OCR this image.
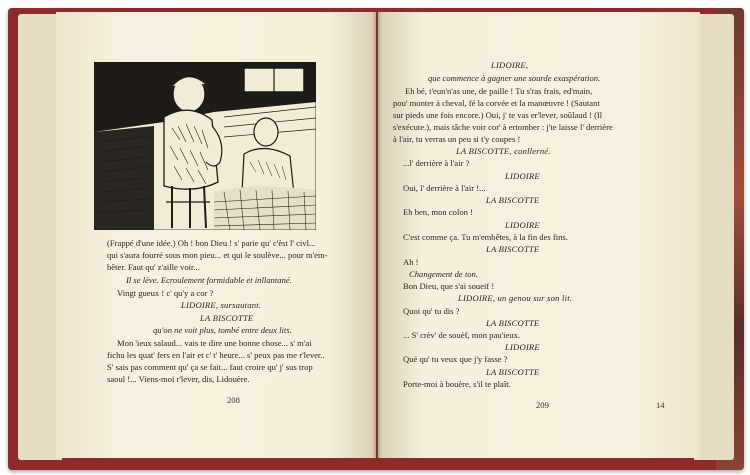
(Frappé d'une idée.) Oh ! bon Dieu ! s' parie qu' c'èst l' civl...
qui s'aura fourré sous mon pieu... et qui le soulève... pour m'em-
bêter. Faut qu' z'aille voir...
Il se lève. Ecroulement formidable et inllantané.
Vingt gueux ! c' qu'y a cor ?
LIDOIRE, sursautant.
LA BISCOTTE
qu'on ne voit plus, tombé entre deux lits.
Mon 'ieux salaud... vais te dire une bonne chose... s' m'ai
fichu les quat' fers en l'air et c' t' heure... s' peux pas me r'lever..
S' sais pas comment qu' ça se fait... faut croire qu' j' sus trop
saoul !... Viens-moi r'lever, dis, Lidouère.
208
LIDOIRE,
que commence à gagner une sourde exaspération.
Eh bé, t'eun'n'as une, de paille ! Tu s'ras frais, ed'main,
pou' monter à cheval, fé la corvée et la manœuvre ! (Sautant
sur pieds une fois encore.) Oui, j' te vas er'lever, soûlaud ! (Il
s'exécute.), mais tâche voir cor' à ertomber : j'te laisse l' derrière
à l'air, tu verras un peu si t'y coupes !
LA BISCOTTE, conllerné.
...l' derrière à l'air ?
LIDOIRE
Oui, l' derrière à l'air !...
LA BISCOTTE
Eh ben, mon colon !
LIDOIRE
C'est comme ça. Tu m'embêtes, à la fin des fins.
LA BISCOTTE
Ah !
Changement de ton.
Bon Dieu, que s'ai soueif !
LIDOIRE, un genou sur son lit.
Quoi qu' tu dis ?
LA BISCOTTE
... S' crèv' de souèf, mon pau'ieux.
LIDOIRE
Qué qu' tu veux que j'y fasse ?
LA BISCOTTE
Porte-moi à bouère, s'il te plaît.
209	14
